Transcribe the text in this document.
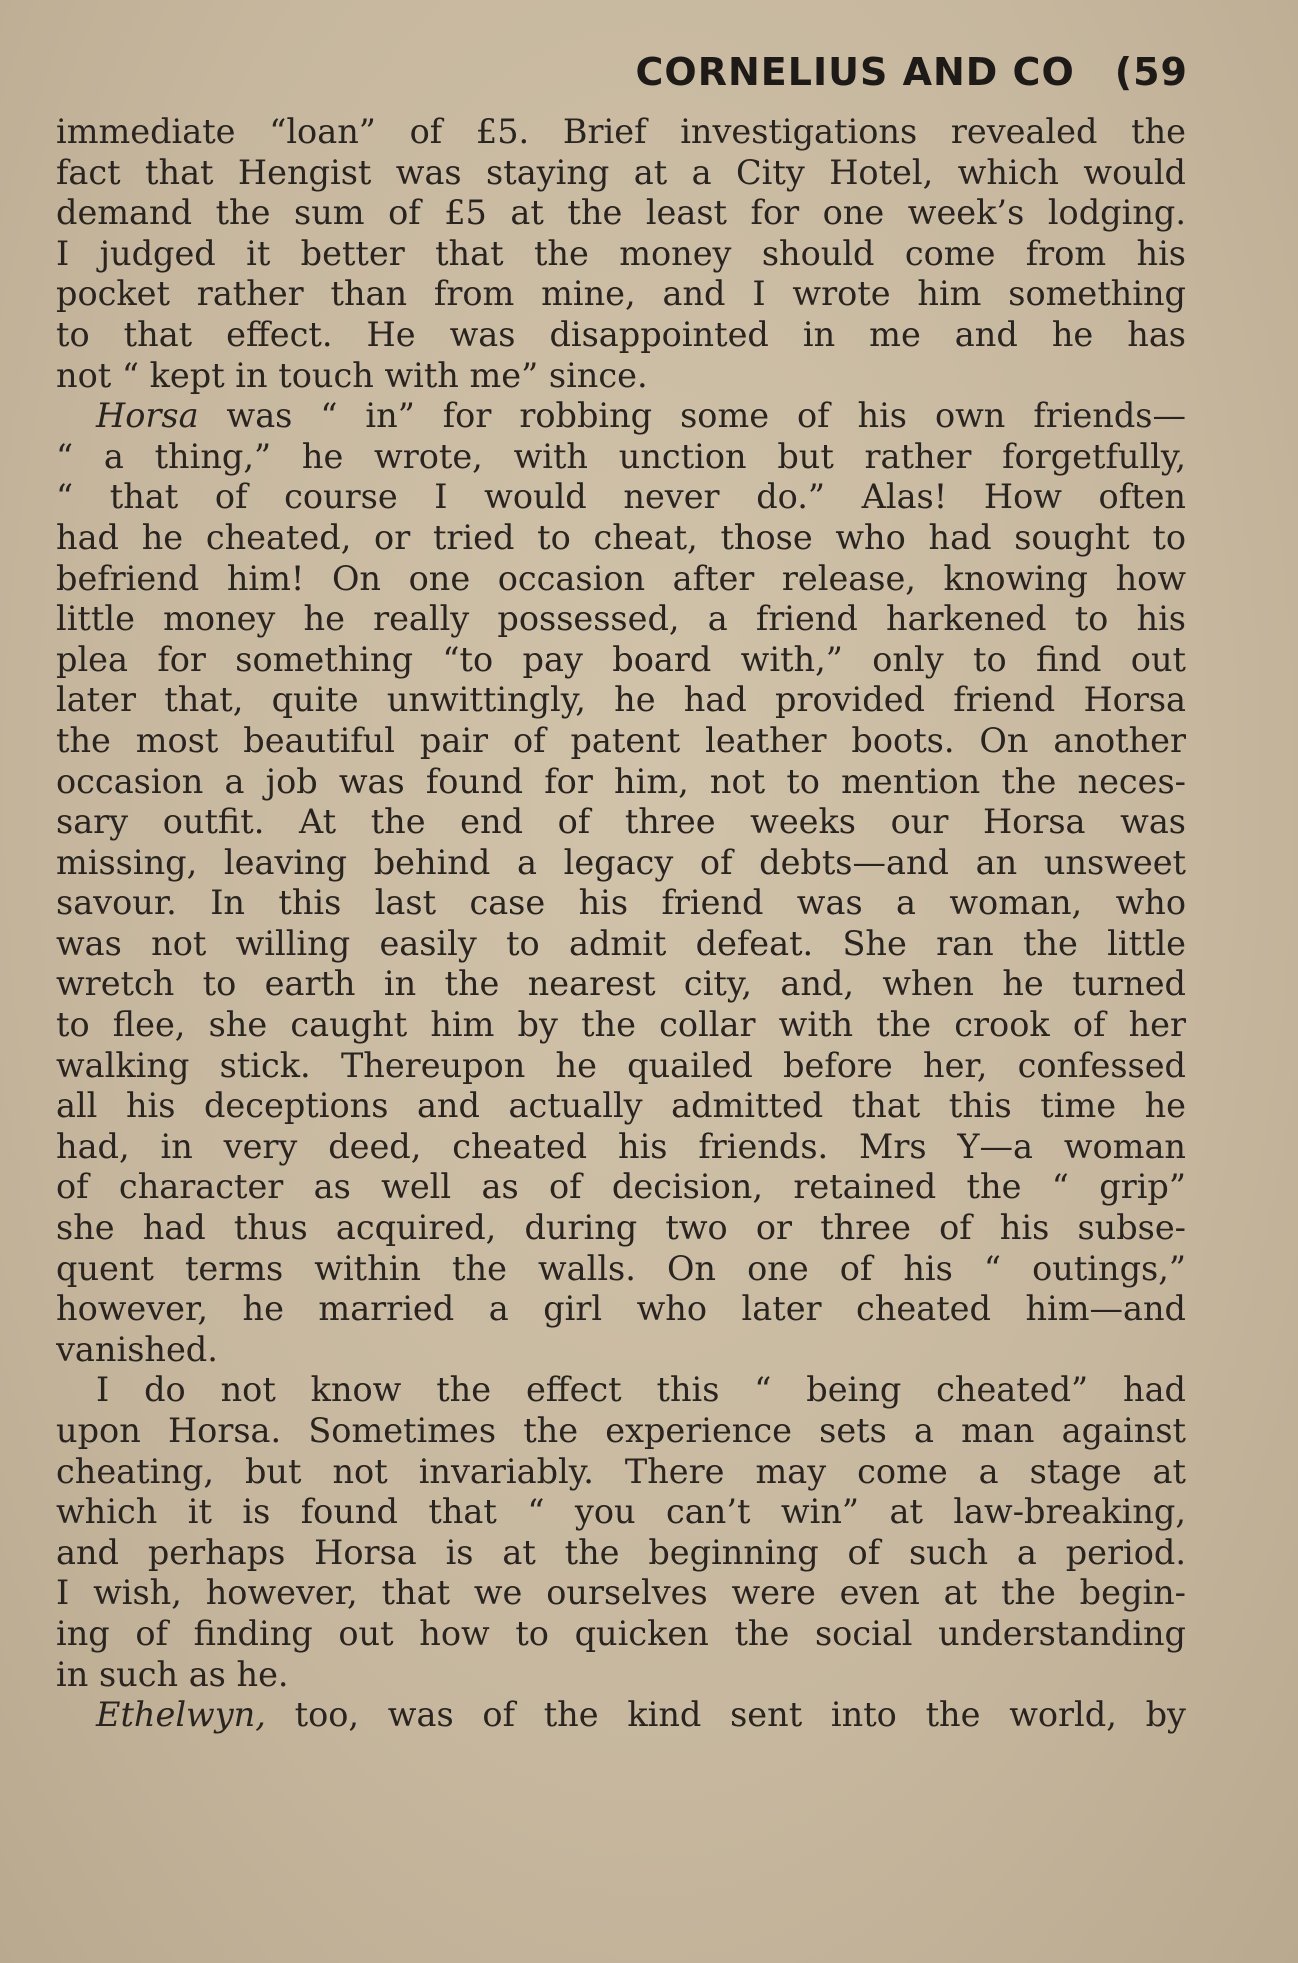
CORNELIUS AND CO (59
immediate “loan” of £5. Brief investigations revealed the
fact that Hengist was staying at a City Hotel, which would
demand the sum of £5 at the least for one week’s lodging.
I judged it better that the money should come from his
pocket rather than from mine, and I wrote him something
to that effect. He was disappointed in me and he has
not “ kept in touch with me” since.
Horsa was “ in” for robbing some of his own friends—
“ a thing,” he wrote, with unction but rather forgetfully,
“ that of course I would never do.” Alas! How often
had he cheated, or tried to cheat, those who had sought to
befriend him! On one occasion after release, knowing how
little money he really possessed, a friend harkened to his
plea for something “to pay board with,” only to find out
later that, quite unwittingly, he had provided friend Horsa
the most beautiful pair of patent leather boots. On another
occasion a job was found for him, not to mention the neces-
sary outfit. At the end of three weeks our Horsa was
missing, leaving behind a legacy of debts—and an unsweet
savour. In this last case his friend was a woman, who
was not willing easily to admit defeat. She ran the little
wretch to earth in the nearest city, and, when he turned
to flee, she caught him by the collar with the crook of her
walking stick. Thereupon he quailed before her, confessed
all his deceptions and actually admitted that this time he
had, in very deed, cheated his friends. Mrs Y—a woman
of character as well as of decision, retained the “ grip”
she had thus acquired, during two or three of his subse-
quent terms within the walls. On one of his “ outings,”
however, he married a girl who later cheated him—and
vanished.
I do not know the effect this “ being cheated” had
upon Horsa. Sometimes the experience sets a man against
cheating, but not invariably. There may come a stage at
which it is found that “ you can’t win” at law-breaking,
and perhaps Horsa is at the beginning of such a period.
I wish, however, that we ourselves were even at the begin-
ing of finding out how to quicken the social understanding
in such as he.
Ethelwyn, too, was of the kind sent into the world, by
